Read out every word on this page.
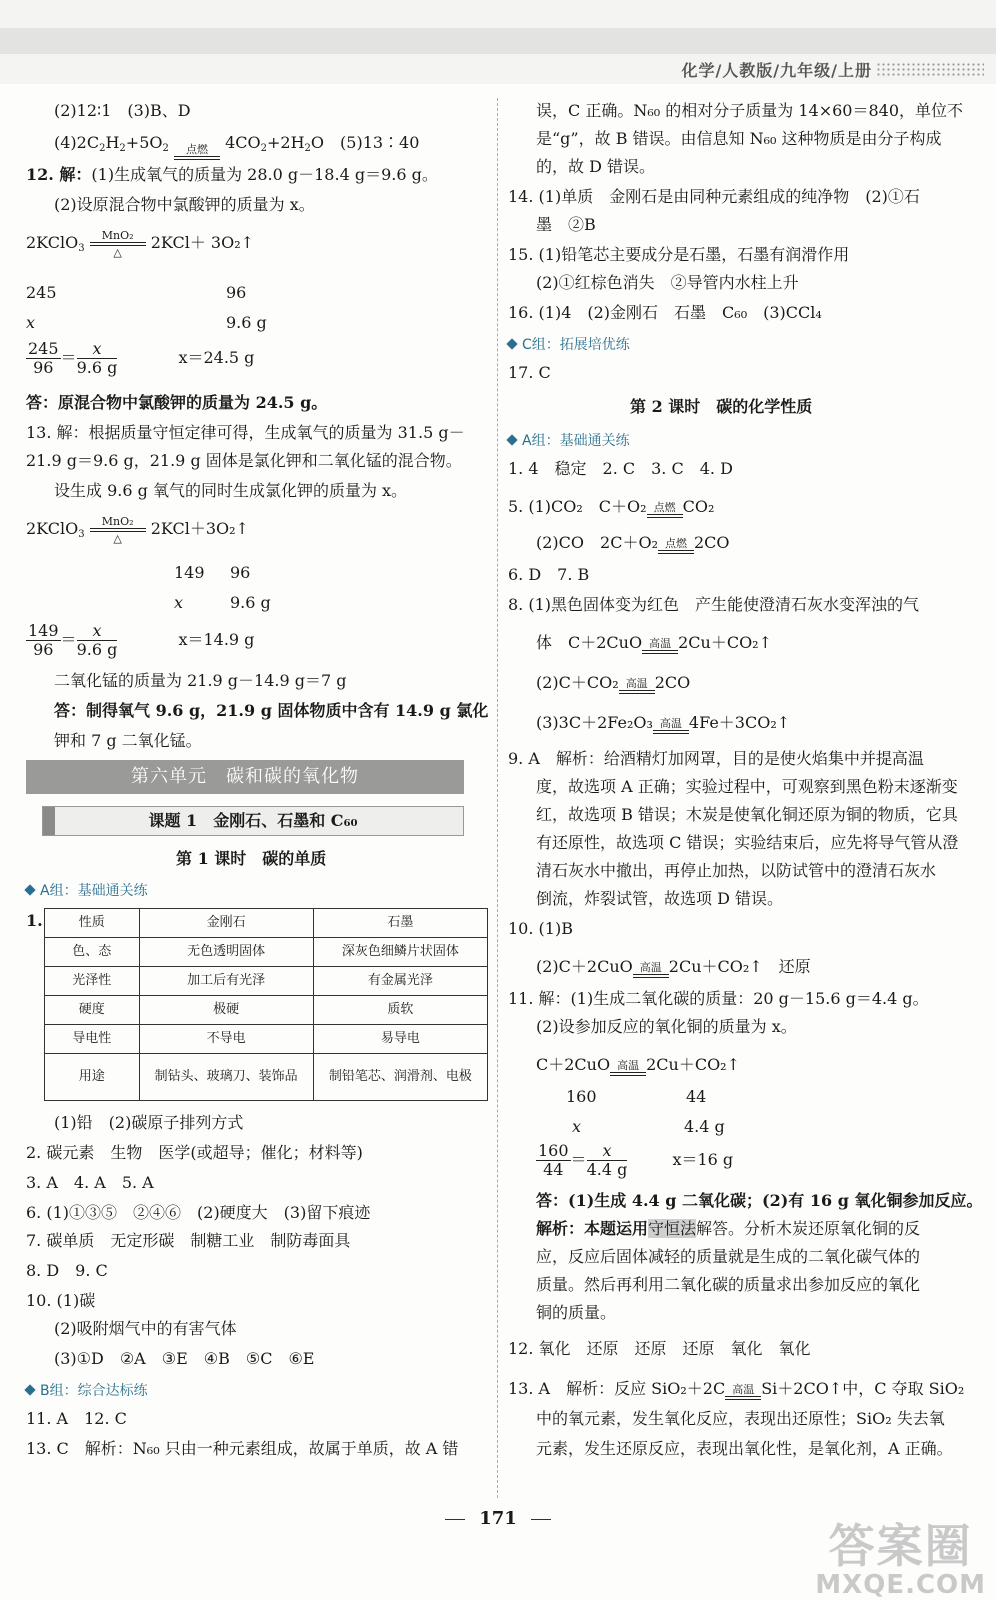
化学/人教版/九年级/上册
(2)12∶1　(3)B、D
$(4)2C_2H_2+5O_2$	点燃	$4CO_2+2H_2O$　(5)13∶40
12. 解：(1)生成氧气的质量为 28.0 g－18.4 g＝9.6 g。
(2)设原混合物中氯酸钾的质量为 x。
2KClO$_3$
MnO₂
△
2KCl＋ 3O₂↑
245	96
x	9.6 g
$\frac{245}{96} = \frac{x}{9.6 g}$	x＝24.5 g
答：原混合物中氯酸钾的质量为 24.5 g。
13. 解：根据质量守恒定律可得，生成氧气的质量为 31.5 g－
21.9 g＝9.6 g，21.9 g 固体是氯化钾和二氧化锰的混合物。
设生成 9.6 g 氧气的同时生成氯化钾的质量为 x。
2KClO$_3$
MnO₂
△
2KCl＋3O₂↑
149 96
x	9.6 g
$\frac{149}{96} = \frac{x}{9.6 g}$	x＝14.9 g
二氧化锰的质量为 21.9 g－14.9 g＝7 g
答：制得氧气 9.6 g，21.9 g 固体物质中含有 14.9 g 氯化
钾和 7 g 二氧化锰。
第六单元　碳和碳的氧化物
课题 1　金刚石、石墨和 C₆₀
第 1 课时　碳的单质
A组：基础通关练
1.	性质	金刚石	石墨
色、态	无色透明固体	深灰色细鳞片状固体
光泽性	加工后有光泽	有金属光泽
硬度	极硬	质软
导电性	不导电	易导电
用途	制钻头、玻璃刀、装饰品	制铅笔芯、润滑剂、电极
(1)铅　(2)碳原子排列方式
2. 碳元素　生物　医学(或超导；催化；材料等)
3. A　4. A　5. A
6. (1)①③⑤　②④⑥　(2)硬度大　(3)留下痕迹
7. 碳单质　无定形碳　制糖工业　制防毒面具
8. D　9. C
10. (1)碳
(2)吸附烟气中的有害气体
(3)①D　②A　③E　④B　⑤C　⑥E
B组：综合达标练
11. A　12. C
13. C　解析：N₆₀ 只由一种元素组成，故属于单质，故 A 错
误，C 正确。N₆₀ 的相对分子质量为 14×60＝840，单位不
是“g”，故 B 错误。由信息知 N₆₀ 这种物质是由分子构成
的，故 D 错误。
14. (1)单质　金刚石是由同种元素组成的纯净物　(2)①石
墨　②B
15. (1)铅笔芯主要成分是石墨，石墨有润滑作用
(2)①红棕色消失　②导管内水柱上升
16. (1)4　(2)金刚石　石墨　C₆₀　(3)CCl₄
C组：拓展培优练
17. C
第 2 课时　碳的化学性质
A组：基础通关练
1. 4　稳定　2. C　3. C　4. D
5. (1)CO₂　C＋O₂ 点燃 CO₂
(2)CO　2C＋O₂ 点燃 2CO
6. D　7. B
8. (1)黑色固体变为红色　产生能使澄清石灰水变浑浊的气
体　C＋2CuO 高温 2Cu＋CO₂↑
(2)C＋CO₂ 高温 2CO
(3)3C＋2Fe₂O₃ 高温 4Fe＋3CO₂↑
9. A　解析：给酒精灯加网罩，目的是使火焰集中并提高温
度，故选项 A 正确；实验过程中，可观察到黑色粉末逐渐变
红，故选项 B 错误；木炭是使氧化铜还原为铜的物质，它具
有还原性，故选项 C 错误；实验结束后，应先将导气管从澄
清石灰水中撤出，再停止加热，以防试管中的澄清石灰水
倒流，炸裂试管，故选项 D 错误。
10. (1)B
(2)C＋2CuO 高温 2Cu＋CO₂↑　还原
11. 解：(1)生成二氧化碳的质量：20 g－15.6 g＝4.4 g。
(2)设参加反应的氧化铜的质量为 x。
C＋2CuO 高温 2Cu＋CO₂↑
160	44
x	4.4 g
$\frac{160}{44} = \frac{x}{4.4 g}$	x＝16 g
答：(1)生成 4.4 g 二氧化碳；(2)有 16 g 氧化铜参加反应。
解析：本题运用守恒法解答。分析木炭还原氧化铜的反
应，反应后固体减轻的质量就是生成的二氧化碳气体的
质量。然后再利用二氧化碳的质量求出参加反应的氧化
铜的质量。
12. 氧化　还原　还原　还原　氧化　氧化
13. A　解析：反应 SiO₂＋2C 高温 Si＋2CO↑中，C 夺取 SiO₂
中的氧元素，发生氧化反应，表现出还原性；SiO₂ 失去氧
元素，发生还原反应，表现出氧化性，是氧化剂，A 正确。
171
答案圈
MXQE.COM
